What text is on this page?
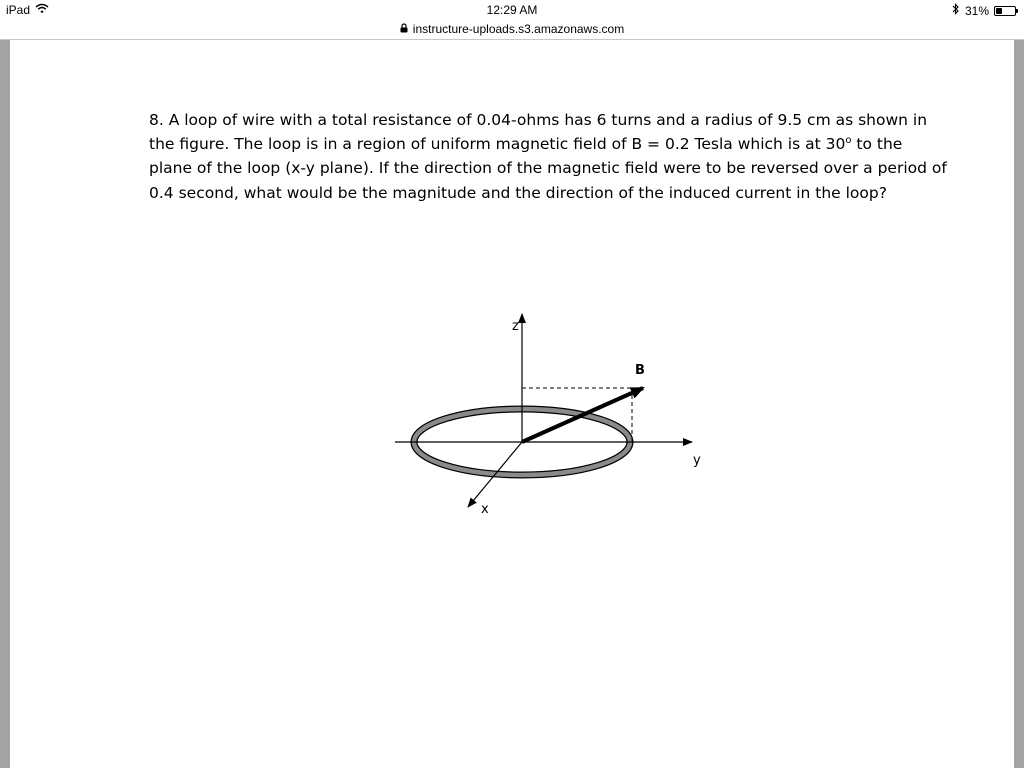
iPad	12:29 AM	31%
instructure-uploads.s3.amazonaws.com

8. A loop of wire with a total resistance of 0.04-ohms has 6 turns and a radius of 9.5 cm as shown in the figure. The loop is in a region of uniform magnetic field of B = 0.2 Tesla which is at 30$^o$ to the plane of the loop (x-y plane). If the direction of the magnetic field were to be reversed over a period of 0.4 second, what would be the magnitude and the direction of the induced current in the loop?

z
B
y
x
